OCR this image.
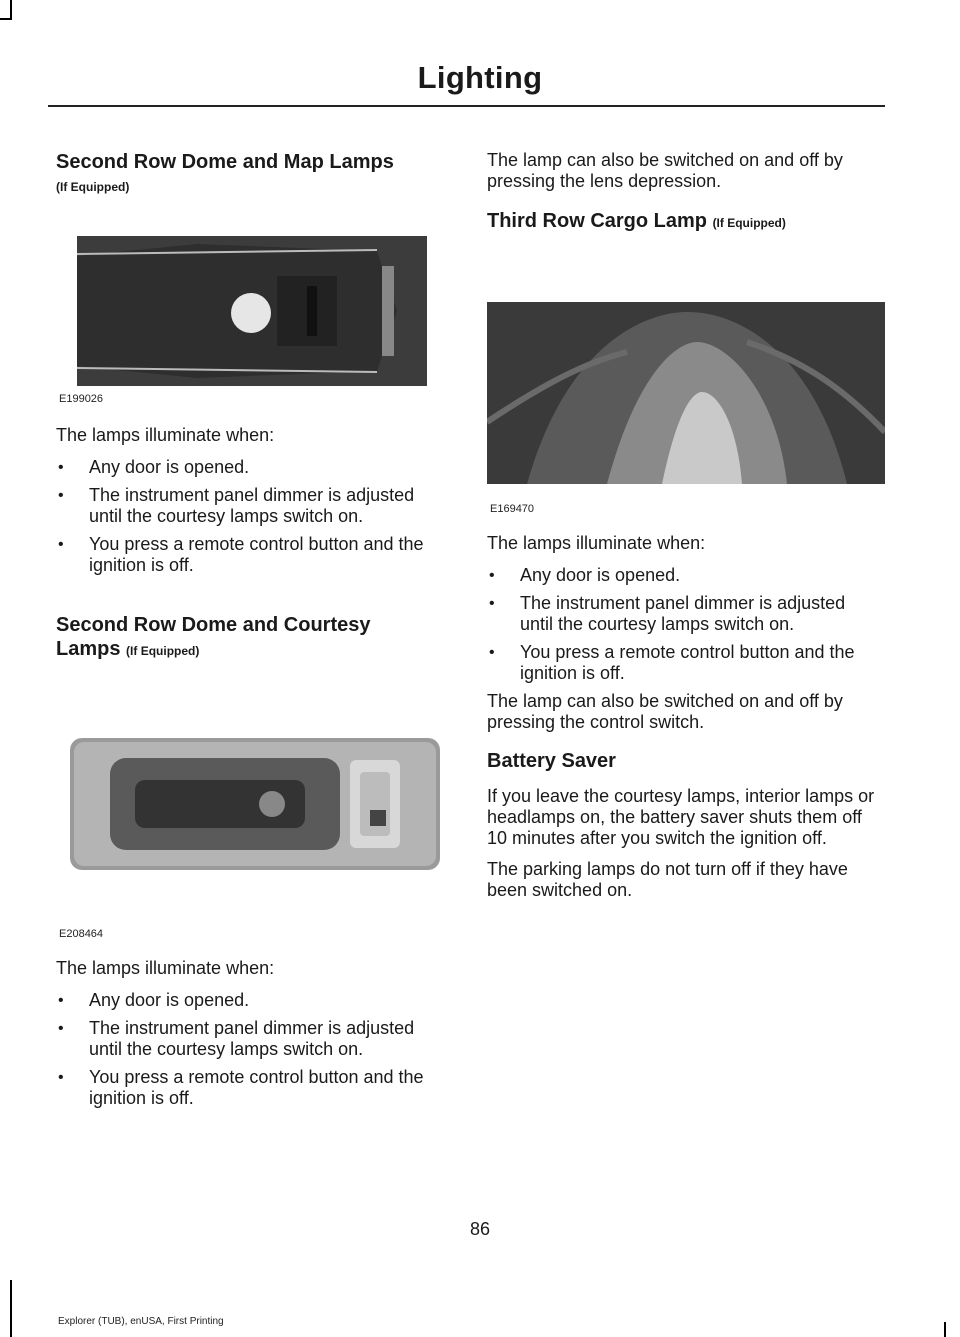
Lighting
Second Row Dome and Map Lamps
(If Equipped)
E199026

The lamps illuminate when:

• Any door is opened.
• The instrument panel dimmer is adjusted until the courtesy lamps switch on.
• You press a remote control button and the ignition is off.
Second Row Dome and Courtesy
Lamps (If Equipped)
E208464

The lamps illuminate when:

• Any door is opened.
• The instrument panel dimmer is adjusted until the courtesy lamps switch on.
• You press a remote control button and the ignition is off.

The lamp can also be switched on and off by pressing the lens depression.

Third Row Cargo Lamp (If Equipped)
E169470

The lamps illuminate when:

• Any door is opened.
• The instrument panel dimmer is adjusted until the courtesy lamps switch on.
• You press a remote control button and the ignition is off.

The lamp can also be switched on and off by pressing the control switch.

Battery Saver

If you leave the courtesy lamps, interior lamps or headlamps on, the battery saver shuts them off 10 minutes after you switch the ignition off.

The parking lamps do not turn off if they have been switched on.

86
Explorer (TUB), enUSA, First Printing
